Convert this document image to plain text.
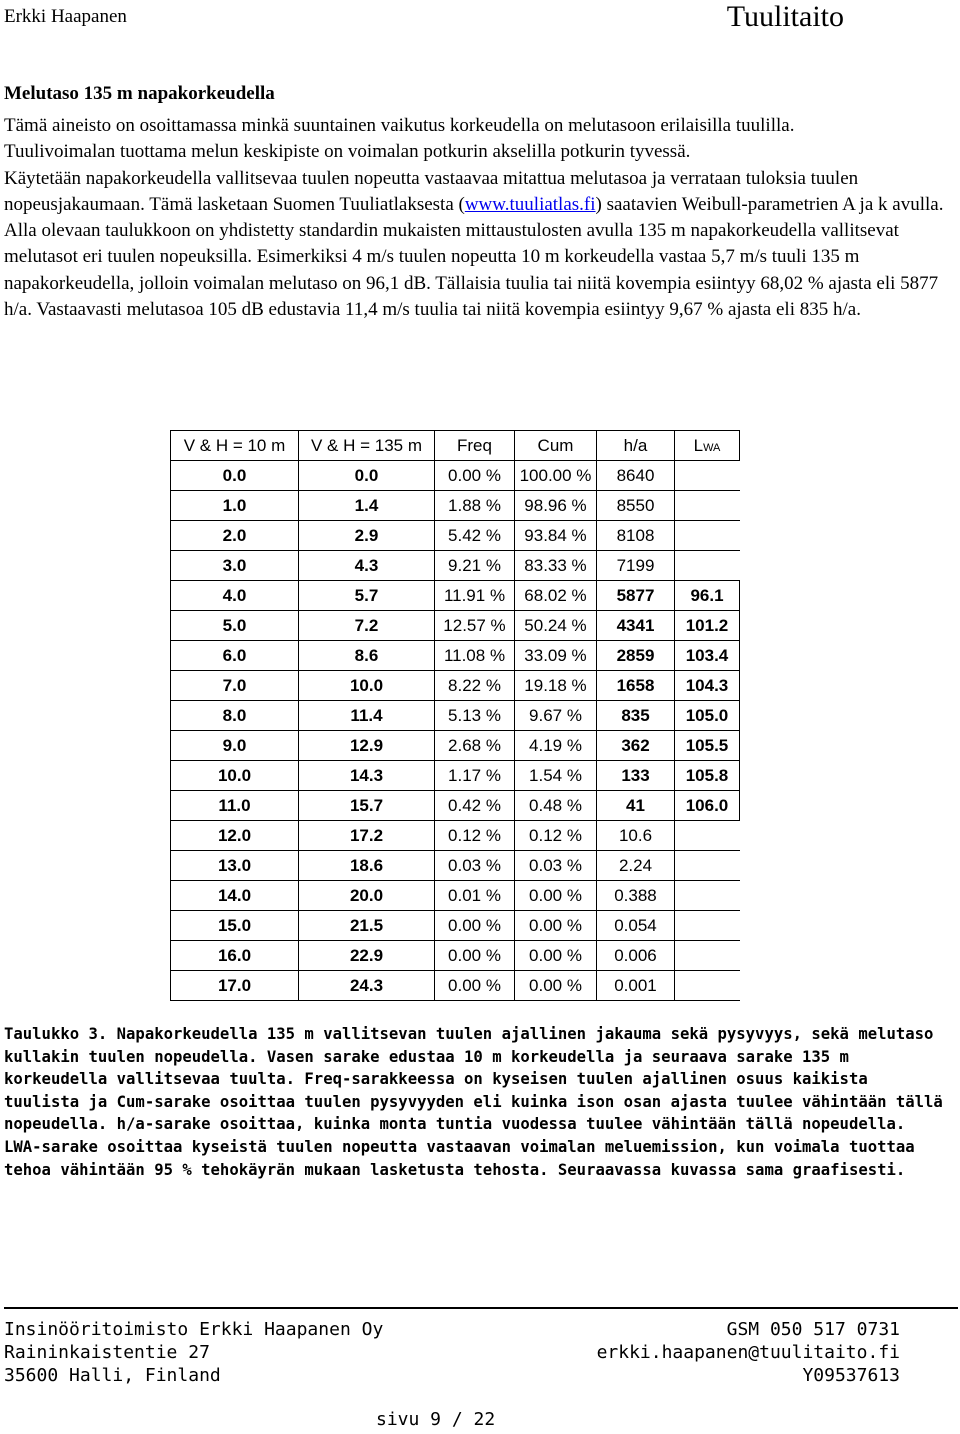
Erkki Haapanen	Tuulitaito
Melutaso 135 m napakorkeudella

Tämä aineisto on osoittamassa minkä suuntainen vaikutus korkeudella on melutasoon erilaisilla tuulilla.

Tuulivoimalan tuottama melun keskipiste on voimalan potkurin akselilla potkurin tyvessä.

Käytetään napakorkeudella vallitsevaa tuulen nopeutta vastaavaa mitattua melutasoa ja verrataan tuloksia tuulen nopeusjakaumaan. Tämä lasketaan Suomen Tuuliatlaksesta (www.tuuliatlas.fi) saatavien Weibull-parametrien A ja k avulla.

Alla olevaan taulukkoon on yhdistetty standardin mukaisten mittaustulosten avulla 135 m napakorkeudella vallitsevat melutasot eri tuulen nopeuksilla. Esimerkiksi 4 m/s tuulen nopeutta 10 m korkeudella vastaa 5,7 m/s tuuli 135 m napakorkeudella, jolloin voimalan melutaso on 96,1 dB. Tällaisia tuulia tai niitä kovempia esiintyy 68,02 % ajasta eli 5877 h/a. Vastaavasti melutasoa 105 dB edustavia 11,4 m/s tuulia tai niitä kovempia esiintyy 9,67 % ajasta eli 835 h/a.

V & H = 10 m	V & H = 135 m	Freq	Cum	h/a	LWA
0.0	0.0	0.00 %	100.00 %	8640	
1.0	1.4	1.88 %	98.96 %	8550	
2.0	2.9	5.42 %	93.84 %	8108	
3.0	4.3	9.21 %	83.33 %	7199	
4.0	5.7	11.91 %	68.02 %	5877	96.1
5.0	7.2	12.57 %	50.24 %	4341	101.2
6.0	8.6	11.08 %	33.09 %	2859	103.4
7.0	10.0	8.22 %	19.18 %	1658	104.3
8.0	11.4	5.13 %	9.67 %	835	105.0
9.0	12.9	2.68 %	4.19 %	362	105.5
10.0	14.3	1.17 %	1.54 %	133	105.8
11.0	15.7	0.42 %	0.48 %	41	106.0
12.0	17.2	0.12 %	0.12 %	10.6	
13.0	18.6	0.03 %	0.03 %	2.24	
14.0	20.0	0.01 %	0.00 %	0.388	
15.0	21.5	0.00 %	0.00 %	0.054	
16.0	22.9	0.00 %	0.00 %	0.006	
17.0	24.3	0.00 %	0.00 %	0.001	

Taulukko 3. Napakorkeudella 135 m vallitsevan tuulen ajallinen jakauma sekä pysyvyys, sekä melutaso kullakin tuulen nopeudella. Vasen sarake edustaa 10 m korkeudella ja seuraava sarake 135 m korkeudella vallitsevaa tuulta. Freq-sarakkeessa on kyseisen tuulen ajallinen osuus kaikista tuulista ja Cum-sarake osoittaa tuulen pysyvyyden eli kuinka ison osan ajasta tuulee vähintään tällä nopeudella. h/a-sarake osoittaa, kuinka monta tuntia vuodessa tuulee vähintään tällä nopeudella. LWA-sarake osoittaa kyseistä tuulen nopeutta vastaavan voimalan meluemission, kun voimala tuottaa tehoa vähintään 95 % tehokäyrän mukaan lasketusta tehosta. Seuraavassa kuvassa sama graafisesti.

Insinööritoimisto Erkki Haapanen Oy	GSM 050 517 0731
Raininkaistentie 27	erkki.haapanen@tuulitaito.fi
35600 Halli, Finland	Y09537613
sivu 9 / 22
